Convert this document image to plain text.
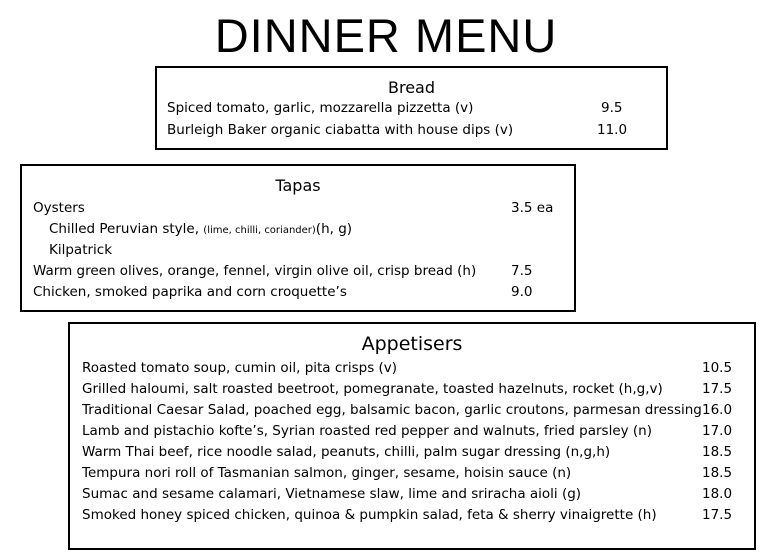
DINNER MENU
Bread
Spiced tomato, garlic, mozzarella pizzetta (v)	9.5
Burleigh Baker organic ciabatta with house dips (v)	11.0
Tapas
Oysters	3.5 ea
Chilled Peruvian style, (lime, chilli, coriander)(h, g)
Kilpatrick
Warm green olives, orange, fennel, virgin olive oil, crisp bread (h)	7.5
Chicken, smoked paprika and corn croquette’s	9.0
Appetisers
Roasted tomato soup, cumin oil, pita crisps (v)	10.5
Grilled haloumi, salt roasted beetroot, pomegranate, toasted hazelnuts, rocket (h,g,v)	17.5
Traditional Caesar Salad, poached egg, balsamic bacon, garlic croutons, parmesan dressing 16.0
Lamb and pistachio kofte’s, Syrian roasted red pepper and walnuts, fried parsley (n)	17.0
Warm Thai beef, rice noodle salad, peanuts, chilli, palm sugar dressing (n,g,h)	18.5
Tempura nori roll of Tasmanian salmon, ginger, sesame, hoisin sauce (n)	18.5
Sumac and sesame calamari, Vietnamese slaw, lime and sriracha aioli (g)	18.0
Smoked honey spiced chicken, quinoa & pumpkin salad, feta & sherry vinaigrette (h)	17.5
